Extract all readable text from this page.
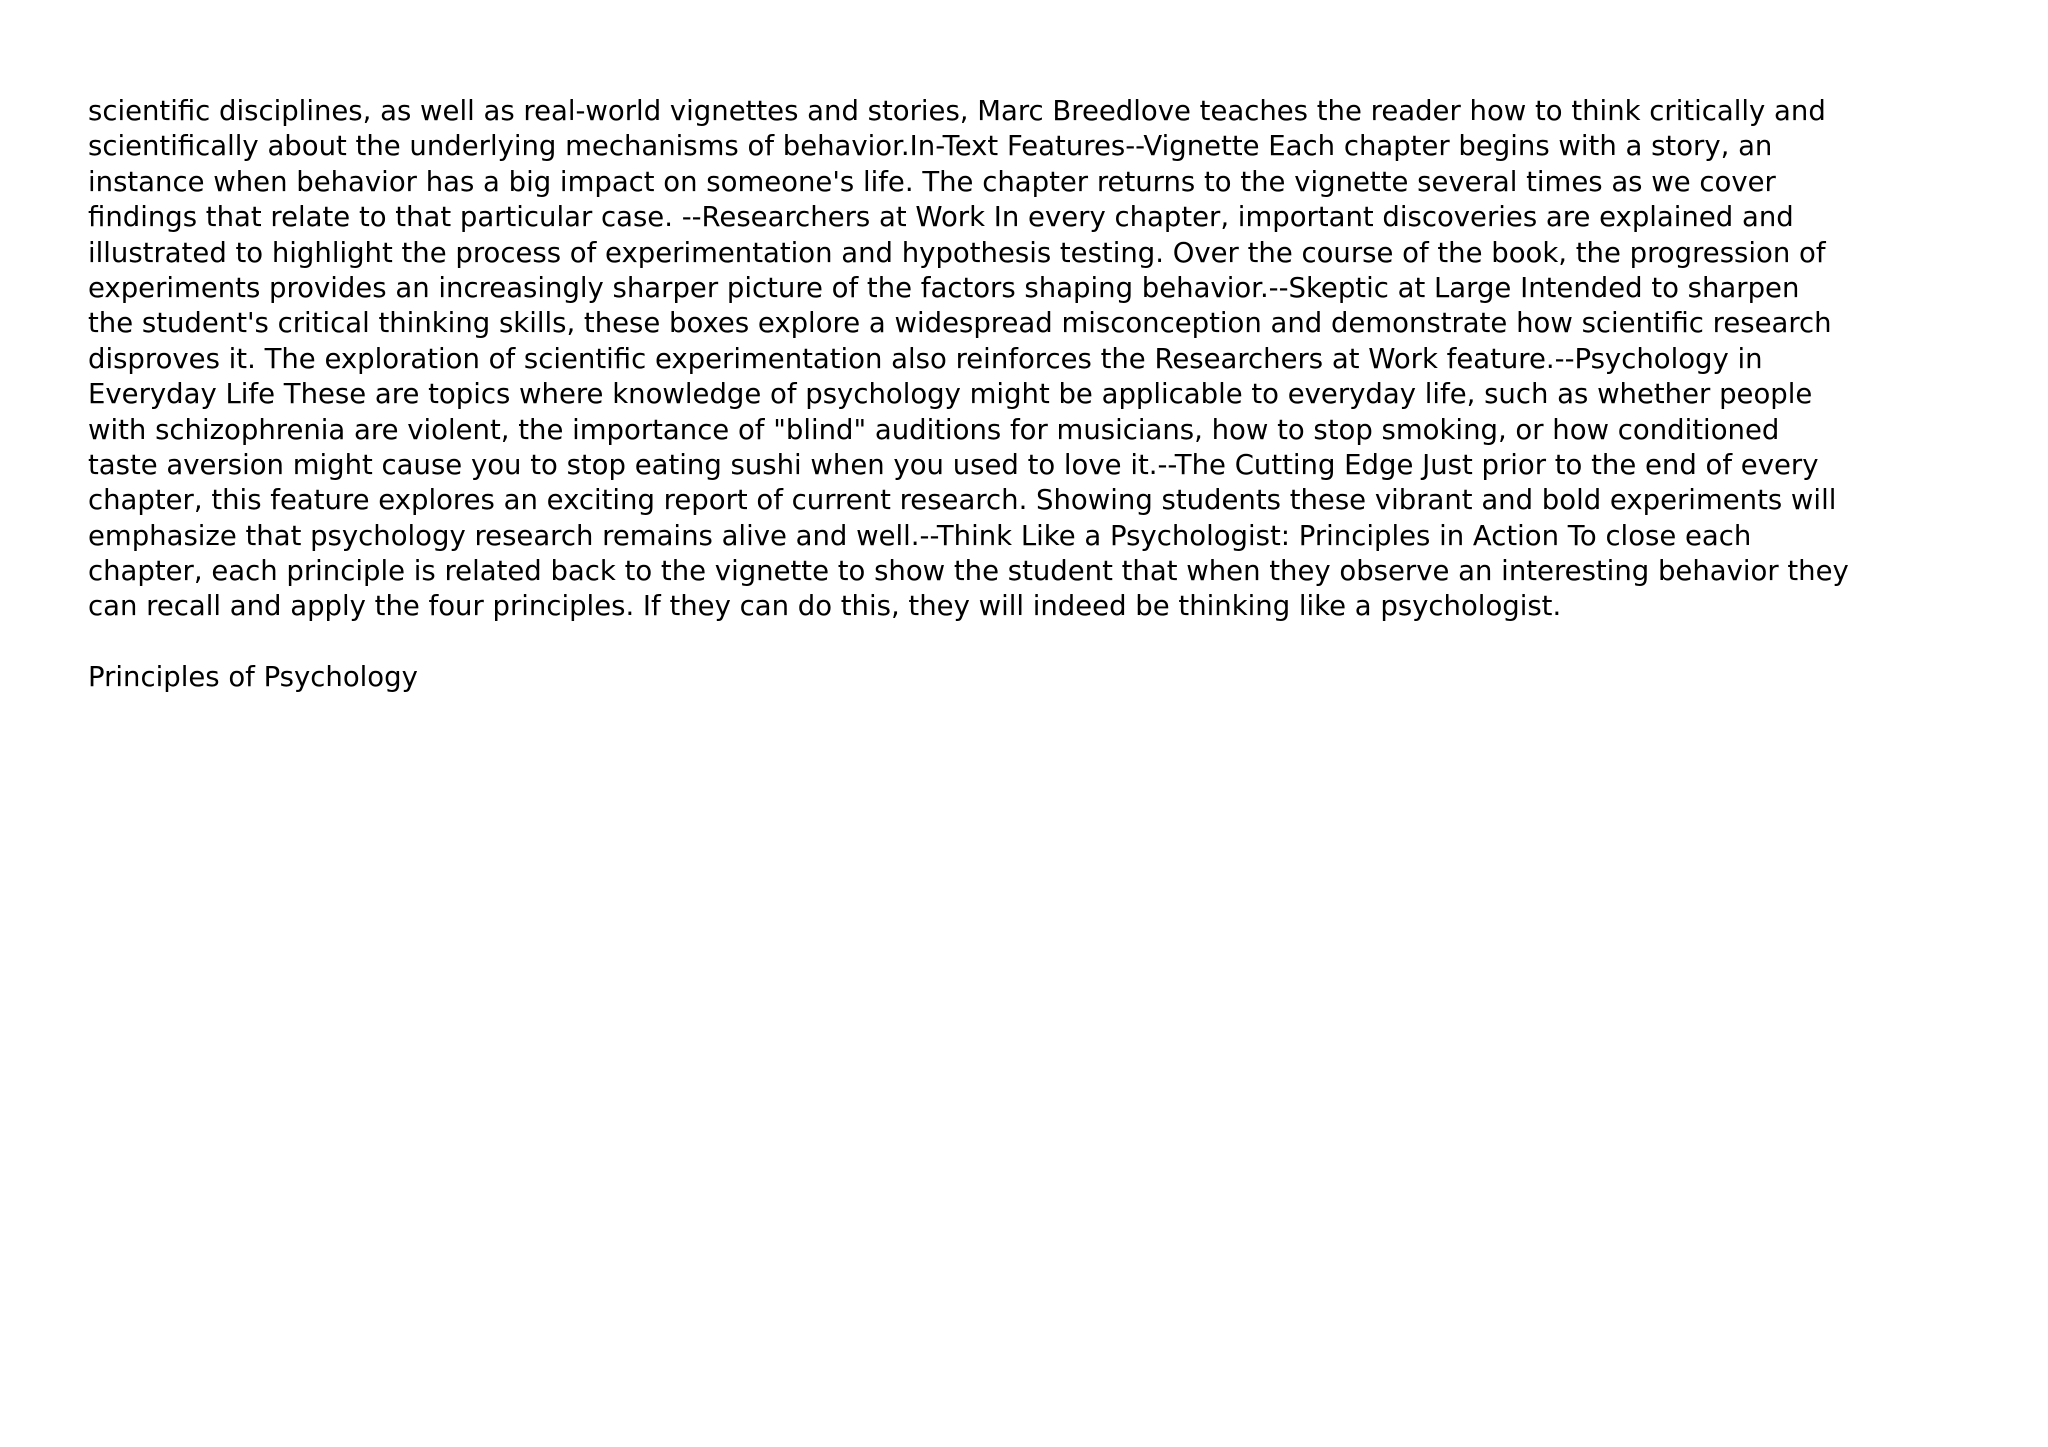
scientific disciplines, as well as real-world vignettes and stories, Marc Breedlove teaches the reader how to think critically and
scientifically about the underlying mechanisms of behavior.In-Text Features--Vignette Each chapter begins with a story, an
instance when behavior has a big impact on someone's life. The chapter returns to the vignette several times as we cover
findings that relate to that particular case. --Researchers at Work In every chapter, important discoveries are explained and
illustrated to highlight the process of experimentation and hypothesis testing. Over the course of the book, the progression of
experiments provides an increasingly sharper picture of the factors shaping behavior.--Skeptic at Large Intended to sharpen
the student's critical thinking skills, these boxes explore a widespread misconception and demonstrate how scientific research
disproves it. The exploration of scientific experimentation also reinforces the Researchers at Work feature.--Psychology in
Everyday Life These are topics where knowledge of psychology might be applicable to everyday life, such as whether people
with schizophrenia are violent, the importance of "blind" auditions for musicians, how to stop smoking, or how conditioned
taste aversion might cause you to stop eating sushi when you used to love it.--The Cutting Edge Just prior to the end of every
chapter, this feature explores an exciting report of current research. Showing students these vibrant and bold experiments will
emphasize that psychology research remains alive and well.--Think Like a Psychologist: Principles in Action To close each
chapter, each principle is related back to the vignette to show the student that when they observe an interesting behavior they
can recall and apply the four principles. If they can do this, they will indeed be thinking like a psychologist.
Principles of Psychology
